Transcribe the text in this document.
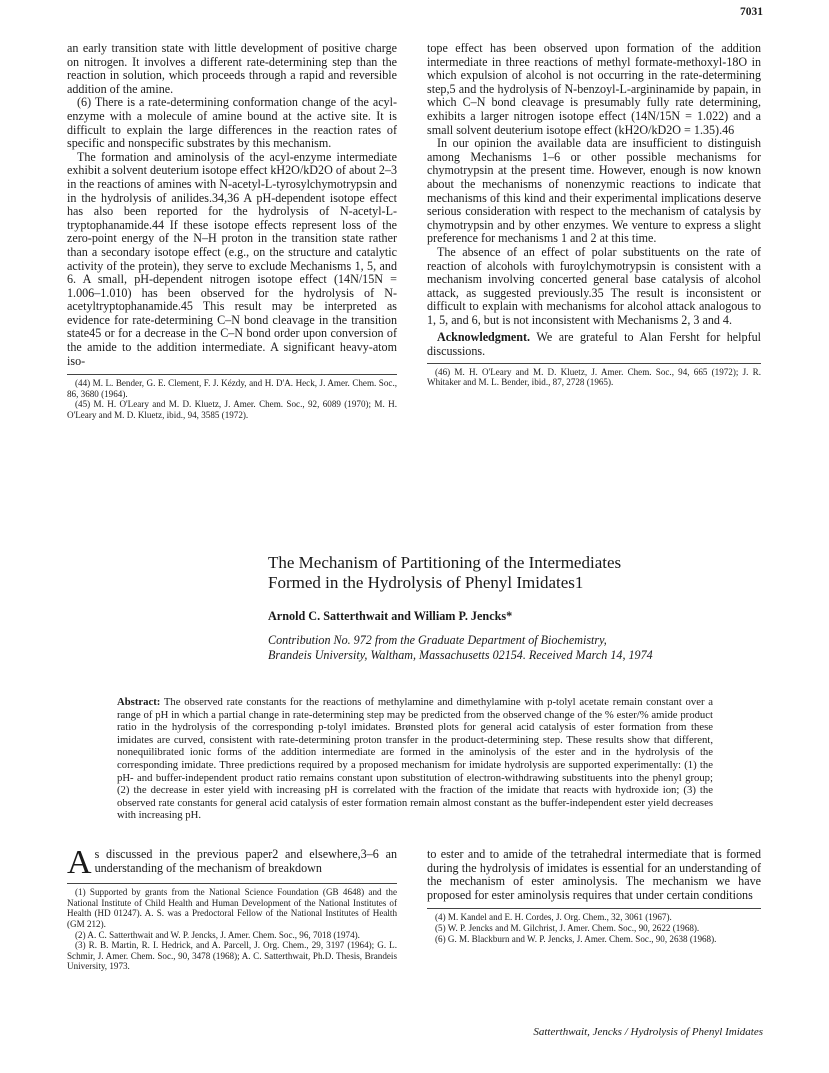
7031

an early transition state with little development of positive charge on nitrogen. It involves a different rate-determining step than the reaction in solution, which proceeds through a rapid and reversible addition of the amine.

(6) There is a rate-determining conformation change of the acyl-enzyme with a molecule of amine bound at the active site. It is difficult to explain the large differences in the reaction rates of specific and nonspecific substrates by this mechanism.

The formation and aminolysis of the acyl-enzyme intermediate exhibit a solvent deuterium isotope effect kH2O/kD2O of about 2–3 in the reactions of amines with N-acetyl-L-tyrosylchymotrypsin and in the hydrolysis of anilides.34,36 A pH-dependent isotope effect has also been reported for the hydrolysis of N-acetyl-L-tryptophanamide.44 If these isotope effects represent loss of the zero-point energy of the N–H proton in the transition state rather than a secondary isotope effect (e.g., on the structure and catalytic activity of the protein), they serve to exclude Mechanisms 1, 5, and 6. A small, pH-dependent nitrogen isotope effect (14N/15N = 1.006–1.010) has been observed for the hydrolysis of N-acetyltryptophanamide.45 This result may be interpreted as evidence for rate-determining C–N bond cleavage in the transition state45 or for a decrease in the C–N bond order upon conversion of the amide to the addition intermediate. A significant heavy-atom iso-

(44) M. L. Bender, G. E. Clement, F. J. Kézdy, and H. D'A. Heck, J. Amer. Chem. Soc., 86, 3680 (1964).

(45) M. H. O'Leary and M. D. Kluetz, J. Amer. Chem. Soc., 92, 6089 (1970); M. H. O'Leary and M. D. Kluetz, ibid., 94, 3585 (1972).

tope effect has been observed upon formation of the addition intermediate in three reactions of methyl formate-methoxyl-18O in which expulsion of alcohol is not occurring in the rate-determining step,5 and the hydrolysis of N-benzoyl-L-argininamide by papain, in which C–N bond cleavage is presumably fully rate determining, exhibits a larger nitrogen isotope effect (14N/15N = 1.022) and a small solvent deuterium isotope effect (kH2O/kD2O = 1.35).46

In our opinion the available data are insufficient to distinguish among Mechanisms 1–6 or other possible mechanisms for chymotrypsin at the present time. However, enough is now known about the mechanisms of nonenzymic reactions to indicate that mechanisms of this kind and their experimental implications deserve serious consideration with respect to the mechanism of catalysis by chymotrypsin and by other enzymes. We venture to express a slight preference for mechanisms 1 and 2 at this time.

The absence of an effect of polar substituents on the rate of reaction of alcohols with furoylchymotrypsin is consistent with a mechanism involving concerted general base catalysis of alcohol attack, as suggested previously.35 The result is inconsistent or difficult to explain with mechanisms for alcohol attack analogous to 1, 5, and 6, but is not inconsistent with Mechanisms 2, 3 and 4.

Acknowledgment. We are grateful to Alan Fersht for helpful discussions.

(46) M. H. O'Leary and M. D. Kluetz, J. Amer. Chem. Soc., 94, 665 (1972); J. R. Whitaker and M. L. Bender, ibid., 87, 2728 (1965).

The Mechanism of Partitioning of the Intermediates
Formed in the Hydrolysis of Phenyl Imidates1
Arnold C. Satterthwait and William P. Jencks*
Contribution No. 972 from the Graduate Department of Biochemistry,
Brandeis University, Waltham, Massachusetts 02154. Received March 14, 1974
Abstract: The observed rate constants for the reactions of methylamine and dimethylamine with p-tolyl acetate remain constant over a range of pH in which a partial change in rate-determining step may be predicted from the observed change of the % ester/% amide product ratio in the hydrolysis of the corresponding p-tolyl imidates. Brønsted plots for general acid catalysis of ester formation from these imidates are curved, consistent with rate-determining proton transfer in the product-determining step. These results show that different, nonequilibrated ionic forms of the addition intermediate are formed in the aminolysis of the ester and in the hydrolysis of the corresponding imidate. Three predictions required by a proposed mechanism for imidate hydrolysis are supported experimentally: (1) the pH- and buffer-independent product ratio remains constant upon substitution of electron-withdrawing substituents into the phenyl group; (2) the decrease in ester yield with increasing pH is correlated with the fraction of the imidate that reacts with hydroxide ion; (3) the observed rate constants for general acid catalysis of ester formation remain almost constant as the buffer-independent ester yield decreases with increasing pH.

As discussed in the previous paper2 and elsewhere,3–6 an understanding of the mechanism of breakdown

(1) Supported by grants from the National Science Foundation (GB 4648) and the National Institute of Child Health and Human Development of the National Institutes of Health (HD 01247). A. S. was a Predoctoral Fellow of the National Institutes of Health (GM 212).

(2) A. C. Satterthwait and W. P. Jencks, J. Amer. Chem. Soc., 96, 7018 (1974).

(3) R. B. Martin, R. I. Hedrick, and A. Parcell, J. Org. Chem., 29, 3197 (1964); G. L. Schmir, J. Amer. Chem. Soc., 90, 3478 (1968); A. C. Satterthwait, Ph.D. Thesis, Brandeis University, 1973.

to ester and to amide of the tetrahedral intermediate that is formed during the hydrolysis of imidates is essential for an understanding of the mechanism of ester aminolysis. The mechanism we have proposed for ester aminolysis requires that under certain conditions

(4) M. Kandel and E. H. Cordes, J. Org. Chem., 32, 3061 (1967).

(5) W. P. Jencks and M. Gilchrist, J. Amer. Chem. Soc., 90, 2622 (1968).

(6) G. M. Blackburn and W. P. Jencks, J. Amer. Chem. Soc., 90, 2638 (1968).

Satterthwait, Jencks / Hydrolysis of Phenyl Imidates
